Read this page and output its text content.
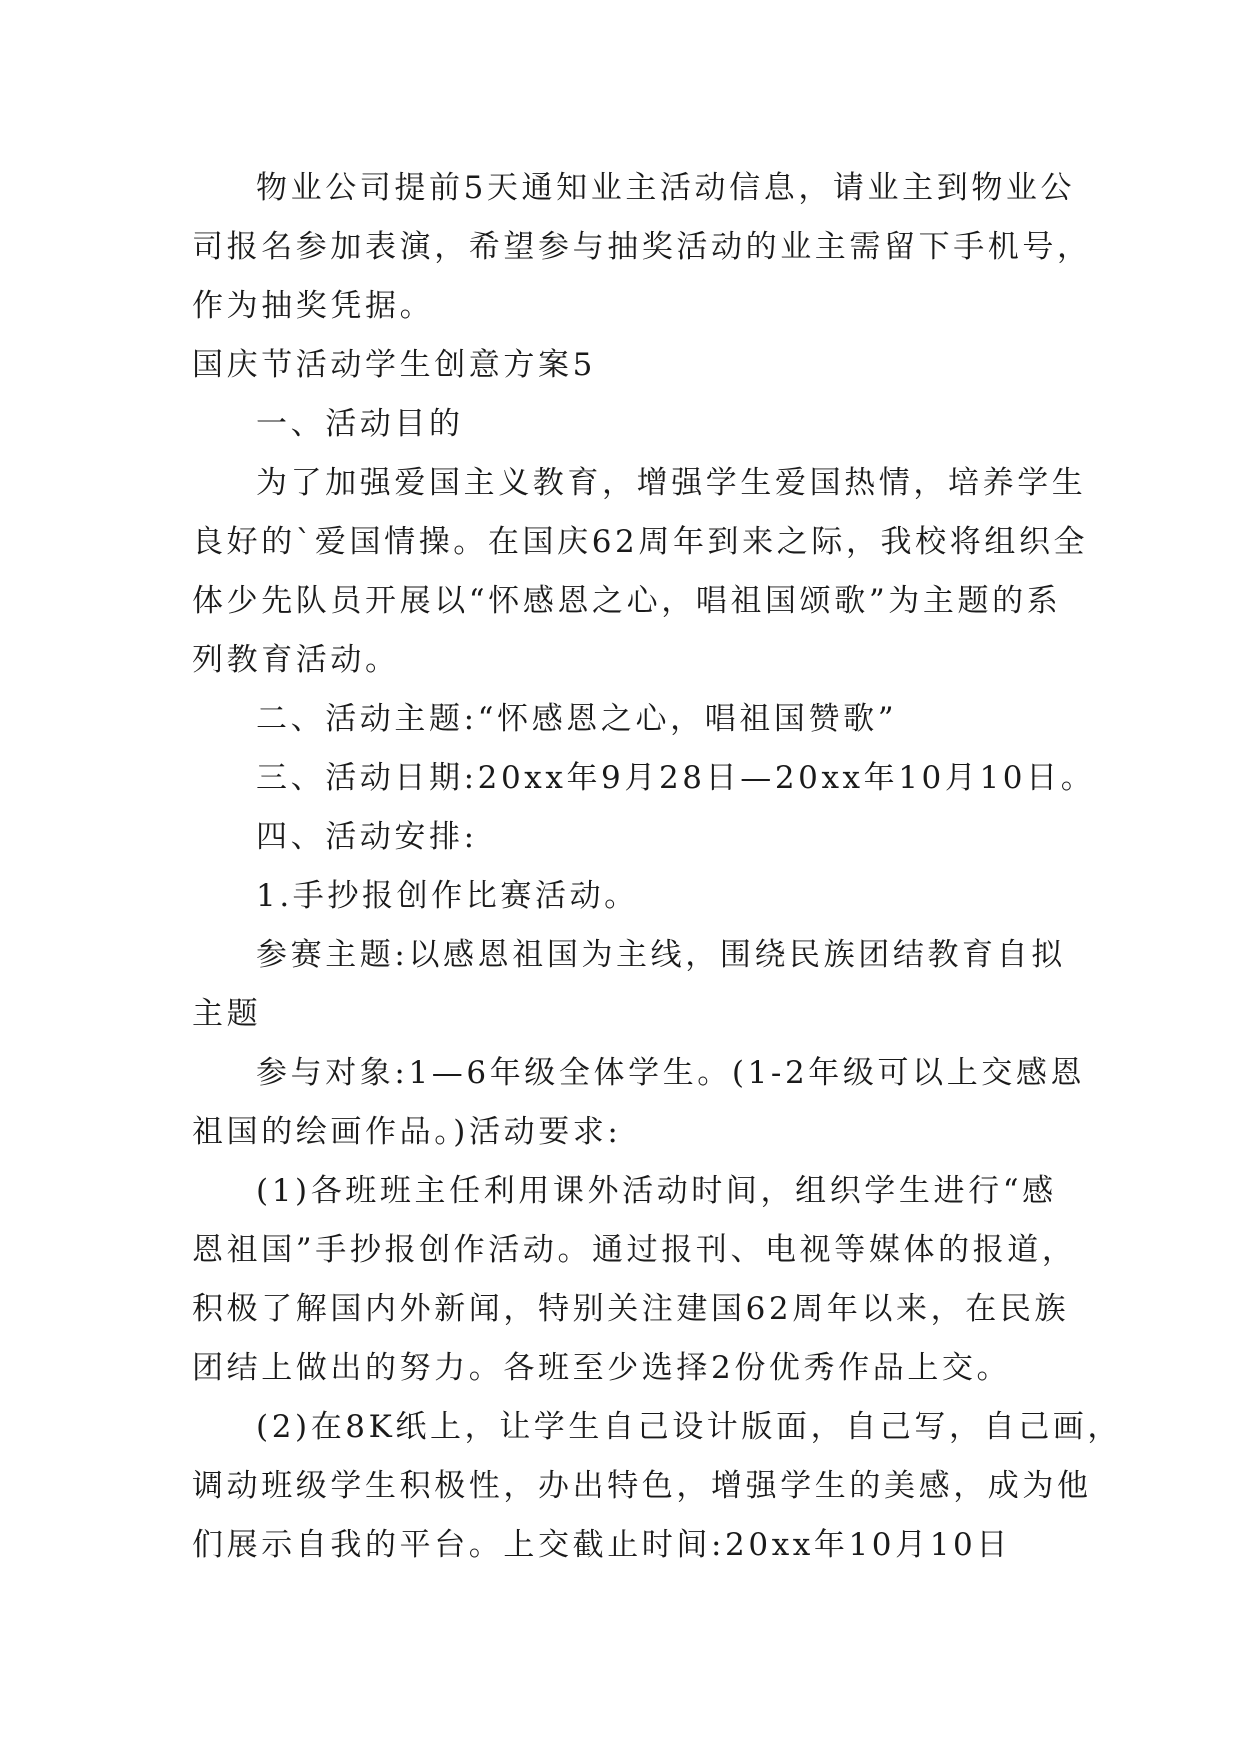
物业公司提前5天通知业主活动信息，请业主到物业公
司报名参加表演，希望参与抽奖活动的业主需留下手机号，
作为抽奖凭据。
国庆节活动学生创意方案5
一、活动目的
为了加强爱国主义教育，增强学生爱国热情，培养学生
良好的`爱国情操。在国庆62周年到来之际，我校将组织全
体少先队员开展以“怀感恩之心，唱祖国颂歌”为主题的系
列教育活动。
二、活动主题:“怀感恩之心，唱祖国赞歌”
三、活动日期:20xx年9月28日—20xx年10月10日。
四、活动安排:
1.手抄报创作比赛活动。
参赛主题:以感恩祖国为主线，围绕民族团结教育自拟
主题
参与对象:1—6年级全体学生。(1-2年级可以上交感恩
祖国的绘画作品。)活动要求:
(1)各班班主任利用课外活动时间，组织学生进行“感
恩祖国”手抄报创作活动。通过报刊、电视等媒体的报道，
积极了解国内外新闻，特别关注建国62周年以来，在民族
团结上做出的努力。各班至少选择2份优秀作品上交。
(2)在8K纸上，让学生自己设计版面，自己写，自己画，
调动班级学生积极性，办出特色，增强学生的美感，成为他
们展示自我的平台。上交截止时间:20xx年10月10日
